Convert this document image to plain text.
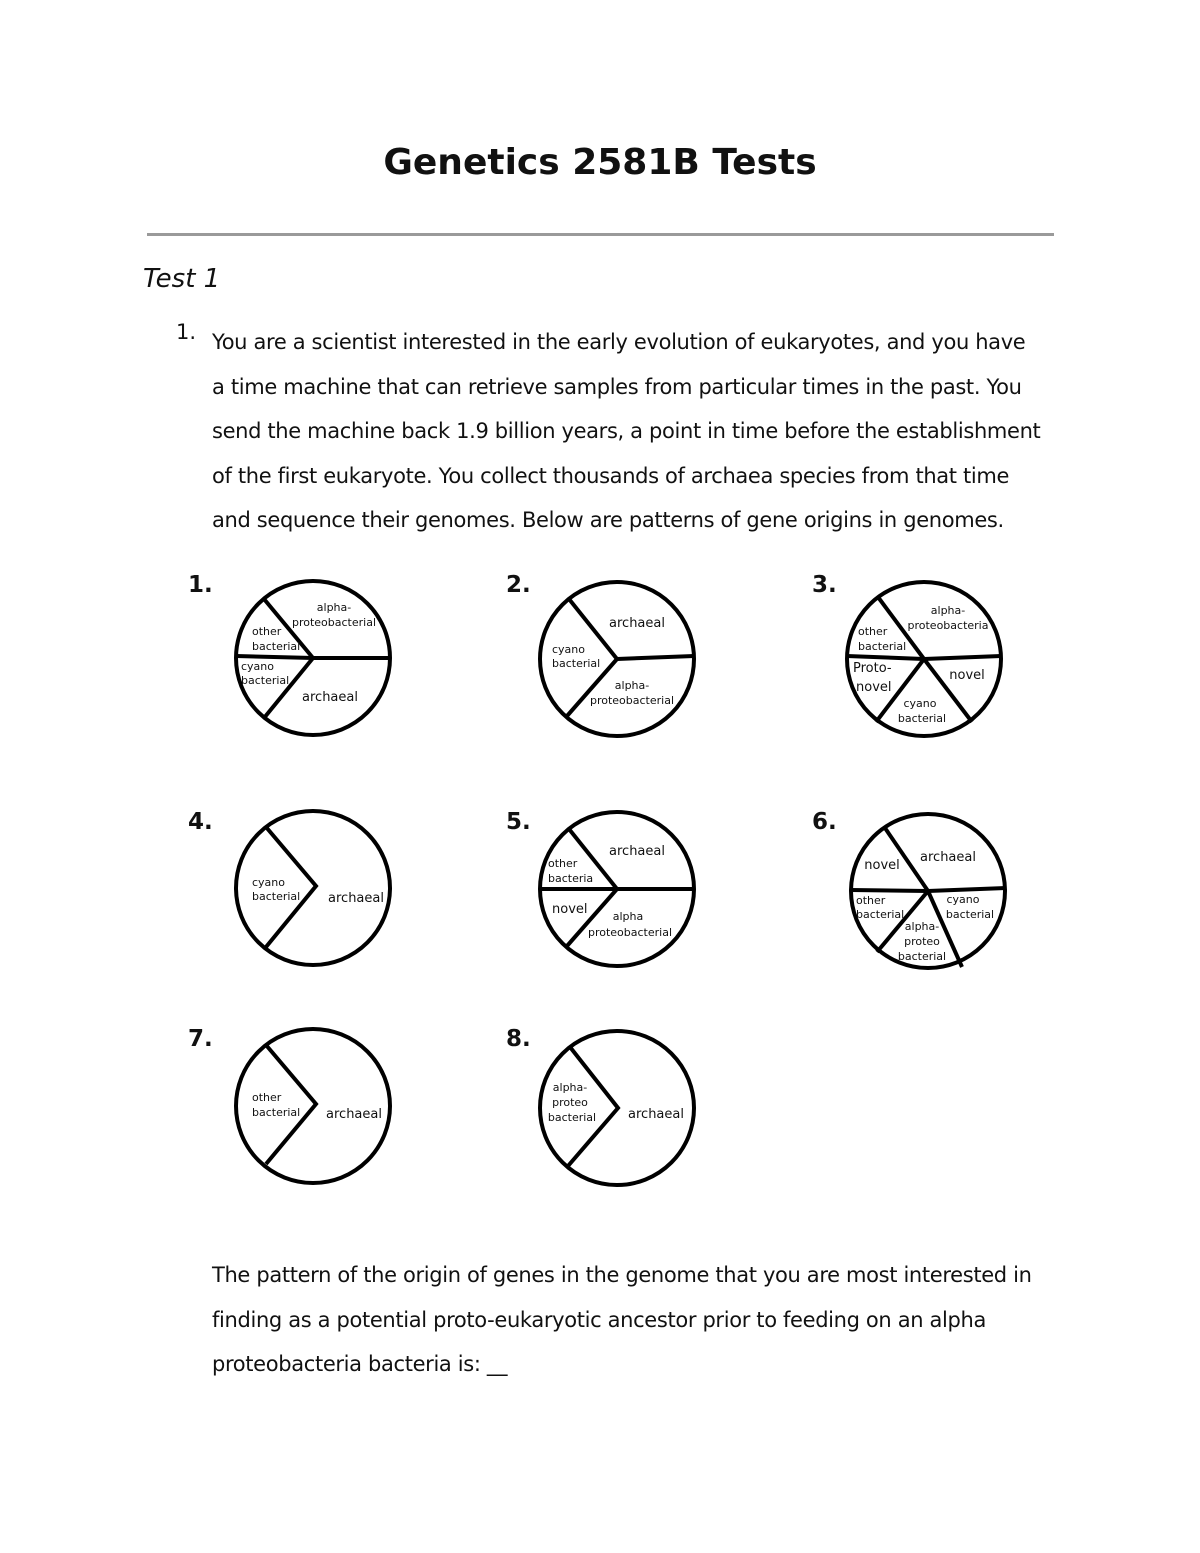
Genetics 2581B Tests
Test 1
1. You are a scientist interested in the early evolution of eukaryotes, and you have
a time machine that can retrieve samples from particular times in the past. You
send the machine back 1.9 billion years, a point in time before the establishment
of the first eukaryote. You collect thousands of archaea species from that time
and sequence their genomes. Below are patterns of gene origins in genomes.
1.
alpha-
proteobacterial
other
bacterial
cyano
bacterial
archaeal
2.
archaeal
cyano
bacterial
alpha-
proteobacterial
3.
alpha-
proteobacteria
other
bacterial
Proto-
novel
novel
cyano
bacterial
4.
cyano
bacterial archaeal
5.
archaeal
other
bacteria
novel alpha
proteobacterial
6.
novel
archaeal
other
bacterial
cyano
bacterial
alpha-
proteo
bacterial
7.
other
bacterial archaeal
8.
alpha-
proteo
bacterial archaeal
The pattern of the origin of genes in the genome that you are most interested in
finding as a potential proto-eukaryotic ancestor prior to feeding on an alpha
proteobacteria bacteria is: __
